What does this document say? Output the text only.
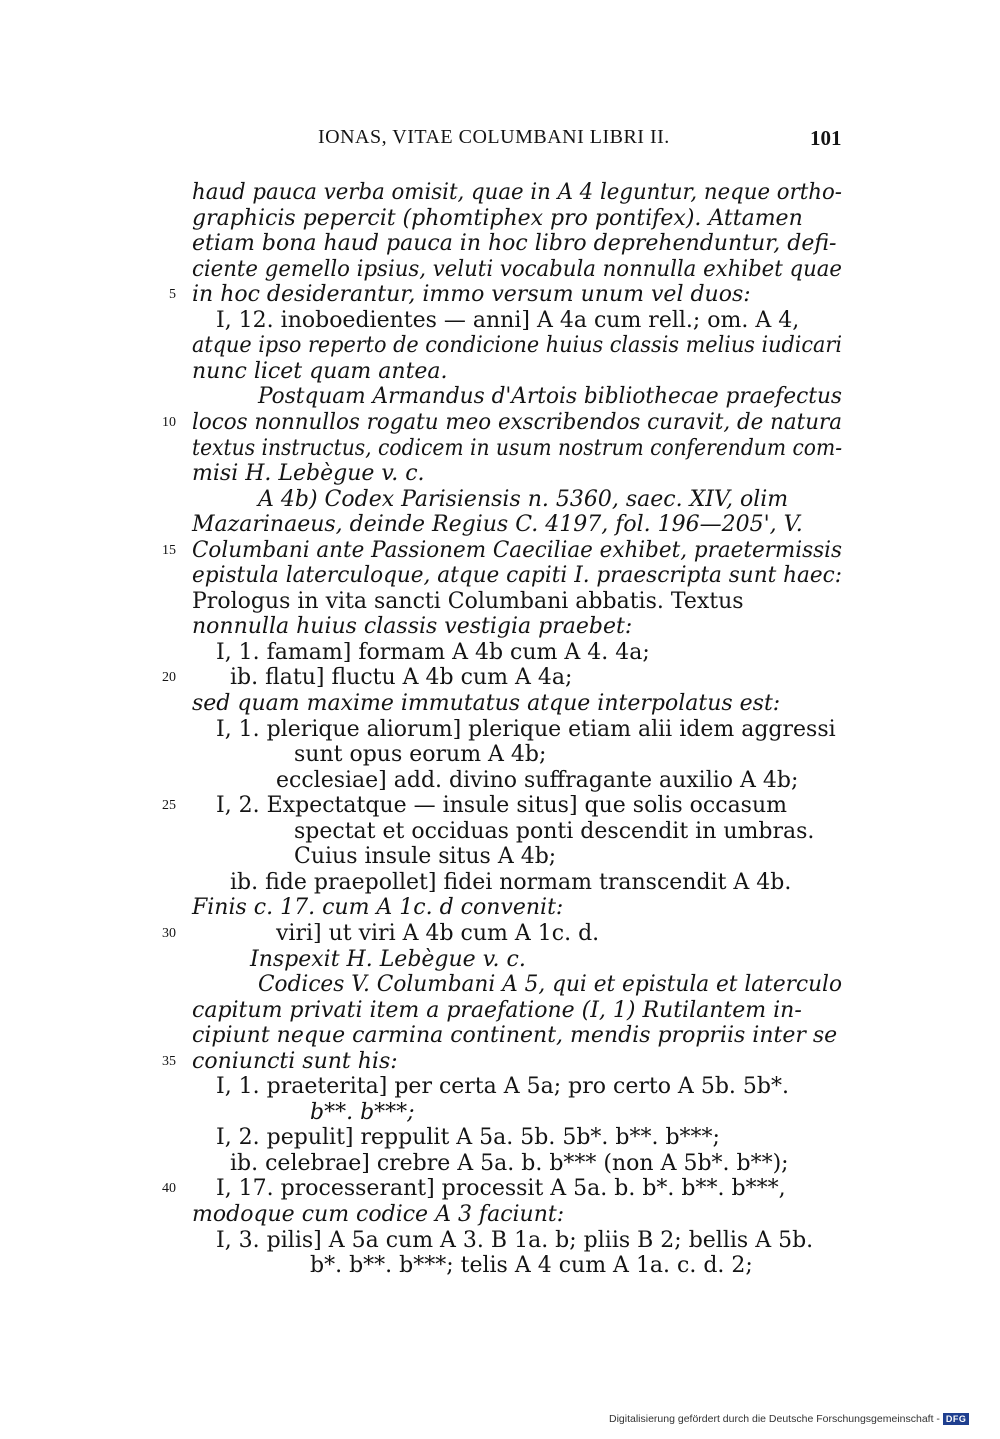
IONAS, VITAE COLUMBANI LIBRI II.	101
haud pauca verba omisit, quae in A 4 leguntur, neque ortho-
graphicis pepercit (phomtiphex pro pontifex). Attamen
etiam bona haud pauca in hoc libro deprehenduntur, defi-
ciente gemello ipsius, veluti vocabula nonnulla exhibet quae
5 in hoc desiderantur, immo versum unum vel duos:
I, 12. inoboedientes — anni] A 4a cum rell.; om. A 4,
atque ipso reperto de condicione huius classis melius iudicari
nunc licet quam antea.
Postquam Armandus d'Artois bibliothecae praefectus
10 locos nonnullos rogatu meo exscribendos curavit, de natura
textus instructus, codicem in usum nostrum conferendum com-
misi H. Lebègue v. c.
A 4b) Codex Parisiensis n. 5360, saec. XIV, olim
Mazarinaeus, deinde Regius C. 4197, fol. 196—205', V.
15 Columbani ante Passionem Caeciliae exhibet, praetermissis
epistula laterculoque, atque capiti I. praescripta sunt haec:
Prologus in vita sancti Columbani abbatis. Textus
nonnulla huius classis vestigia praebet:
I, 1. famam] formam A 4b cum A 4. 4a;
20 ib. flatu] fluctu A 4b cum A 4a;
sed quam maxime immutatus atque interpolatus est:
I, 1. plerique aliorum] plerique etiam alii idem aggressi
sunt opus eorum A 4b;
ecclesiae] add. divino suffragante auxilio A 4b;
25 I, 2. Expectatque — insule situs] que solis occasum
spectat et occiduas ponti descendit in umbras.
Cuius insule situs A 4b;
ib. fide praepollet] fidei normam transcendit A 4b.
Finis c. 17. cum A 1c. d convenit:
30	viri] ut viri A 4b cum A 1c. d.
Inspexit H. Lebègue v. c.
Codices V. Columbani A 5, qui et epistula et laterculo
capitum privati item a praefatione (I, 1) Rutilantem in-
cipiunt neque carmina continent, mendis propriis inter se
35 coniuncti sunt his:
I, 1. praeterita] per certa A 5a; pro certo A 5b. 5b*.
b**. b***;
I, 2. pepulit] reppulit A 5a. 5b. 5b*. b**. b***;
ib. celebrae] crebre A 5a. b. b*** (non A 5b*. b**);
40 I, 17. processerant] processit A 5a. b. b*. b**. b***,
modoque cum codice A 3 faciunt:
I, 3. pilis] A 5a cum A 3. B 1a. b; pliis B 2; bellis A 5b.
b*. b**. b***; telis A 4 cum A 1a. c. d. 2;
Digitalisierung gefördert durch die Deutsche Forschungsgemeinschaft - DFG
